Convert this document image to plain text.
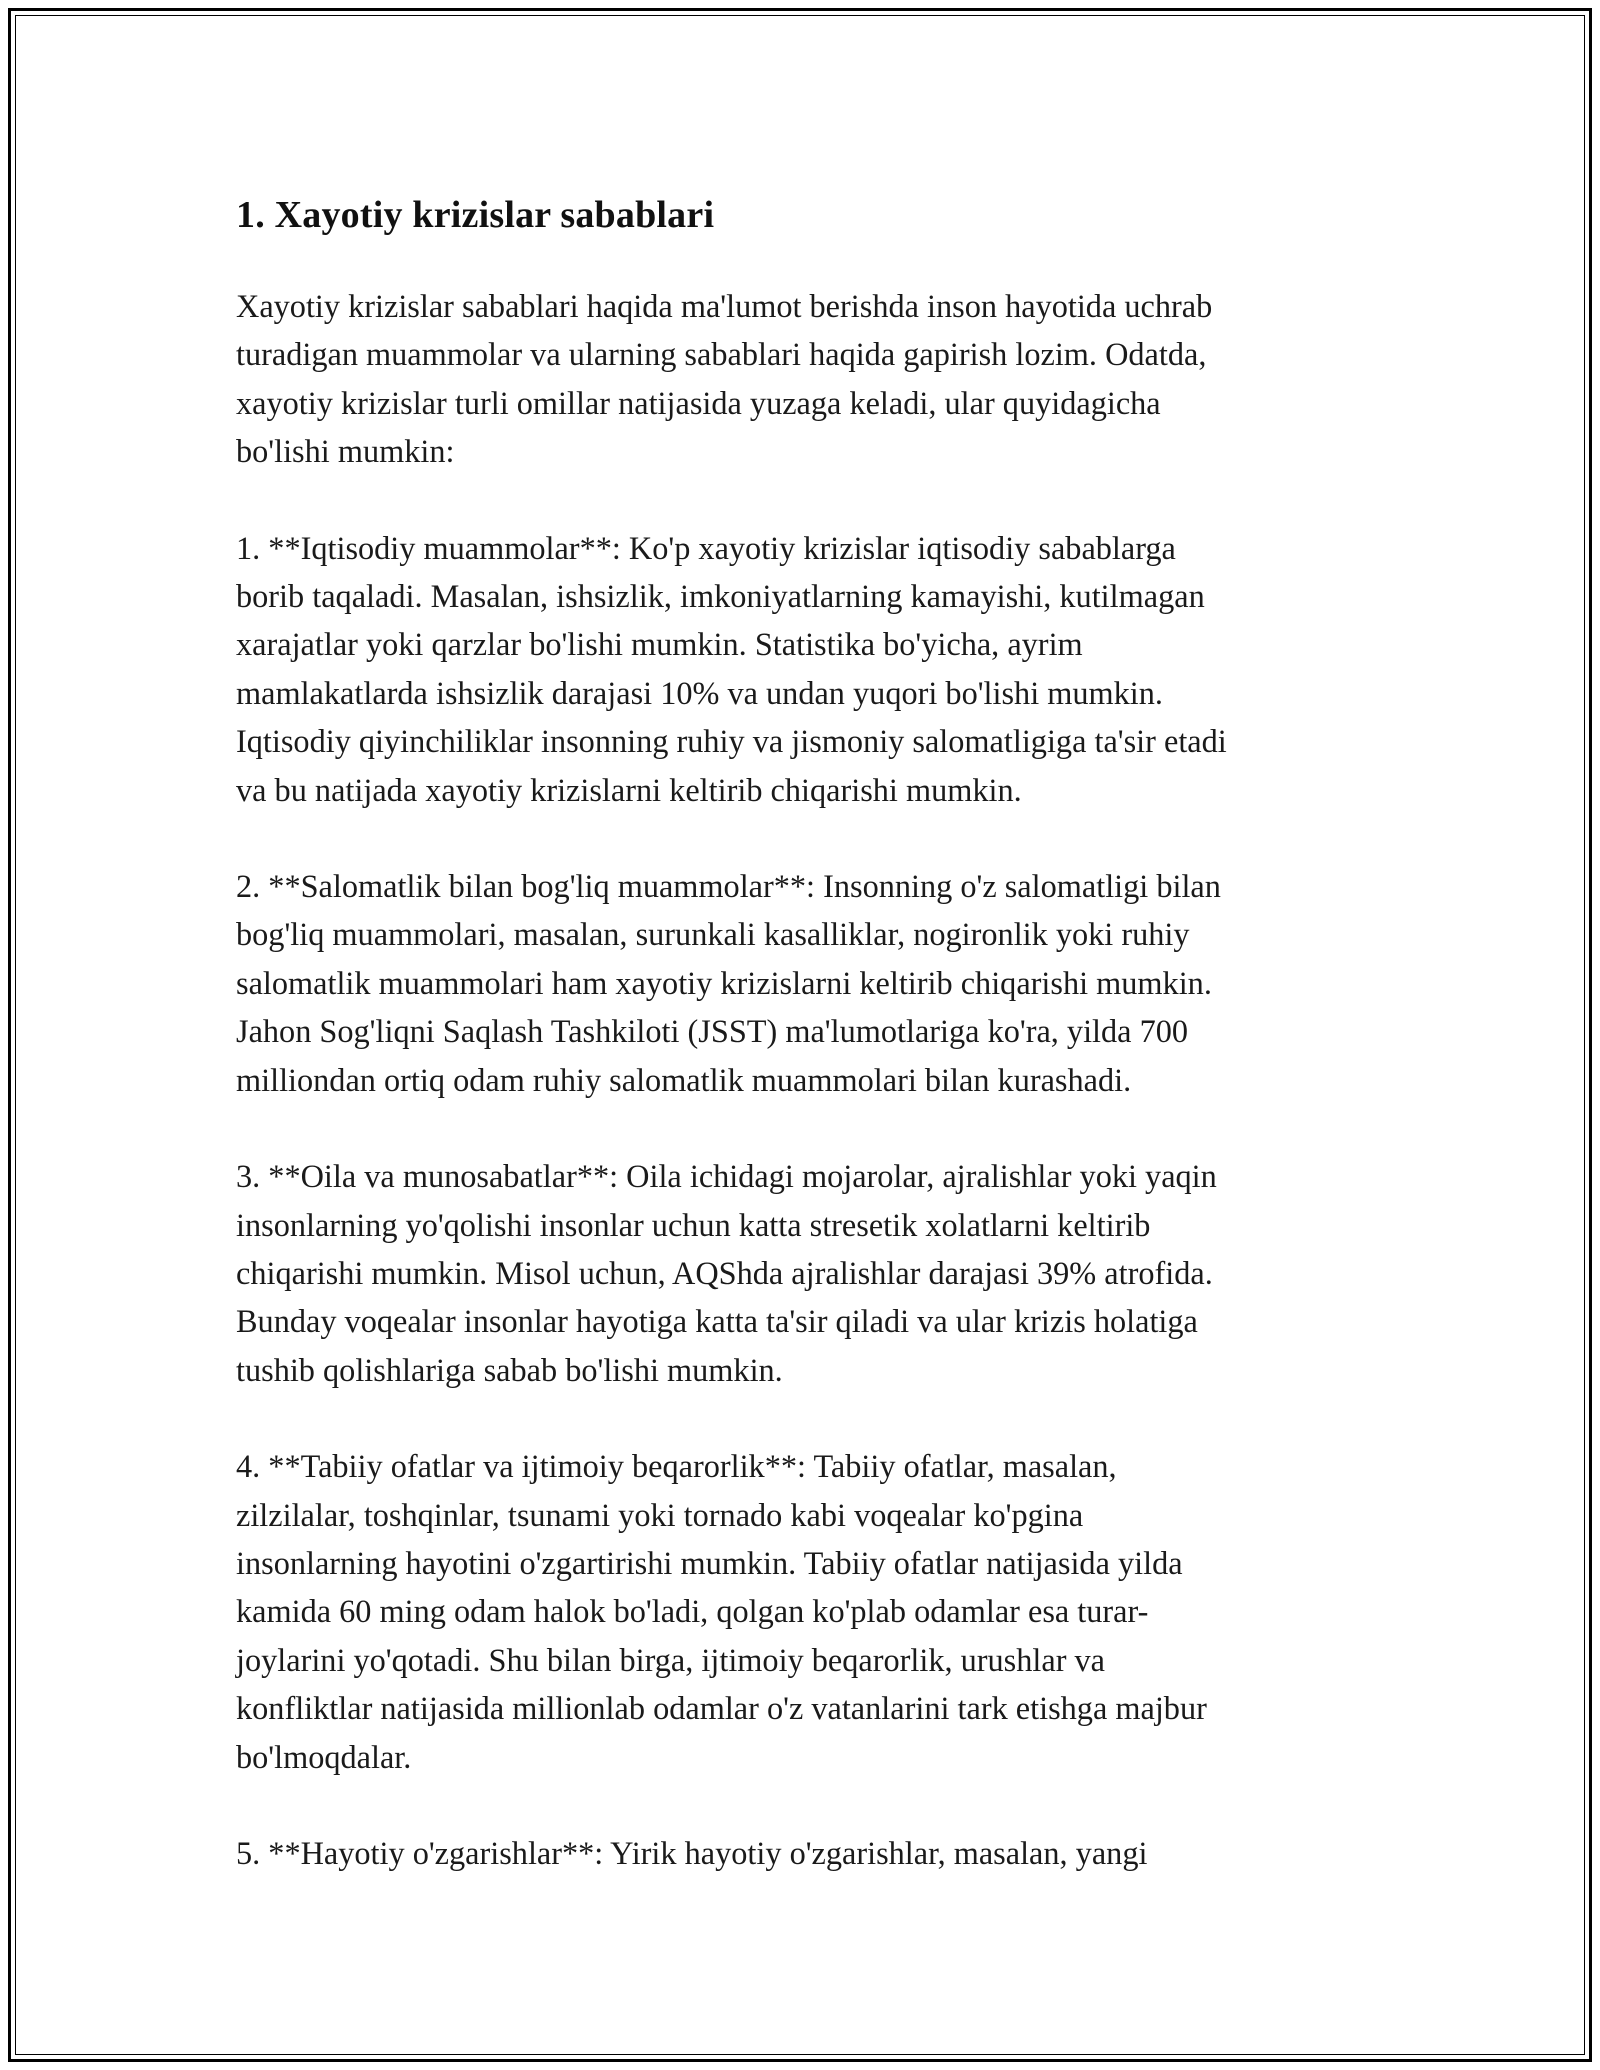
1. Xayotiy krizislar sabablari

Xayotiy krizislar sabablari haqida ma'lumot berishda inson hayotida uchrab
turadigan muammolar va ularning sabablari haqida gapirish lozim. Odatda,
xayotiy krizislar turli omillar natijasida yuzaga keladi, ular quyidagicha
bo'lishi mumkin:

1. **Iqtisodiy muammolar**: Ko'p xayotiy krizislar iqtisodiy sabablarga
borib taqaladi. Masalan, ishsizlik, imkoniyatlarning kamayishi, kutilmagan
xarajatlar yoki qarzlar bo'lishi mumkin. Statistika bo'yicha, ayrim
mamlakatlarda ishsizlik darajasi 10% va undan yuqori bo'lishi mumkin.
Iqtisodiy qiyinchiliklar insonning ruhiy va jismoniy salomatligiga ta'sir etadi
va bu natijada xayotiy krizislarni keltirib chiqarishi mumkin.

2. **Salomatlik bilan bog'liq muammolar**: Insonning o'z salomatligi bilan
bog'liq muammolari, masalan, surunkali kasalliklar, nogironlik yoki ruhiy
salomatlik muammolari ham xayotiy krizislarni keltirib chiqarishi mumkin.
Jahon Sog'liqni Saqlash Tashkiloti (JSST) ma'lumotlariga ko'ra, yilda 700
milliondan ortiq odam ruhiy salomatlik muammolari bilan kurashadi.

3. **Oila va munosabatlar**: Oila ichidagi mojarolar, ajralishlar yoki yaqin
insonlarning yo'qolishi insonlar uchun katta stresetik xolatlarni keltirib
chiqarishi mumkin. Misol uchun, AQShda ajralishlar darajasi 39% atrofida.
Bunday voqealar insonlar hayotiga katta ta'sir qiladi va ular krizis holatiga
tushib qolishlariga sabab bo'lishi mumkin.

4. **Tabiiy ofatlar va ijtimoiy beqarorlik**: Tabiiy ofatlar, masalan,
zilzilalar, toshqinlar, tsunami yoki tornado kabi voqealar ko'pgina
insonlarning hayotini o'zgartirishi mumkin. Tabiiy ofatlar natijasida yilda
kamida 60 ming odam halok bo'ladi, qolgan ko'plab odamlar esa turar-
joylarini yo'qotadi. Shu bilan birga, ijtimoiy beqarorlik, urushlar va
konfliktlar natijasida millionlab odamlar o'z vatanlarini tark etishga majbur
bo'lmoqdalar.

5. **Hayotiy o'zgarishlar**: Yirik hayotiy o'zgarishlar, masalan, yangi
